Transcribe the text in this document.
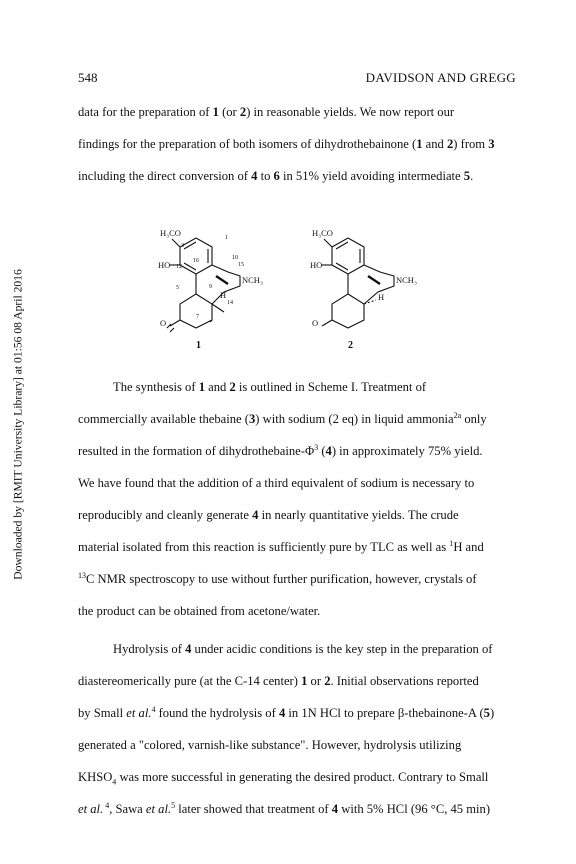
548	DAVIDSON AND GREGG
Downloaded by [RMIT University Library] at 01:56 08 April 2016
data for the preparation of 1 (or 2) in reasonable yields. We now report our
findings for the preparation of both isomers of dihydrothebainone (1 and 2) from 3
including the direct conversion of 4 to 6 in 51% yield avoiding intermediate 5.
H₃CO
HO
NCH₃
H
O
1
1
3
10
12
16
15
9
5
14
7
H₃CO
HO
NCH₃
H
O
2
The synthesis of 1 and 2 is outlined in Scheme I. Treatment of
commercially available thebaine (3) with sodium (2 eq) in liquid ammonia$^{2a}$ only
resulted in the formation of dihydrothebaine-$\Phi^3$ (4) in approximately 75% yield.
We have found that the addition of a third equivalent of sodium is necessary to
reproducibly and cleanly generate 4 in nearly quantitative yields. The crude
material isolated from this reaction is sufficiently pure by TLC as well as $^1$H and
$^{13}$C NMR spectroscopy to use without further purification, however, crystals of
the product can be obtained from acetone/water.
Hydrolysis of 4 under acidic conditions is the key step in the preparation of
diastereomerically pure (at the C-14 center) 1 or 2. Initial observations reported
by Small et al.$^4$ found the hydrolysis of 4 in 1N HCl to prepare β-thebainone-A (5)
generated a "colored, varnish-like substance". However, hydrolysis utilizing
$KHSO_4$ was more successful in generating the desired product. Contrary to Small
et al. $^4$, Sawa et al.$^5$ later showed that treatment of 4 with 5% HCl (96 °C, 45 min)
